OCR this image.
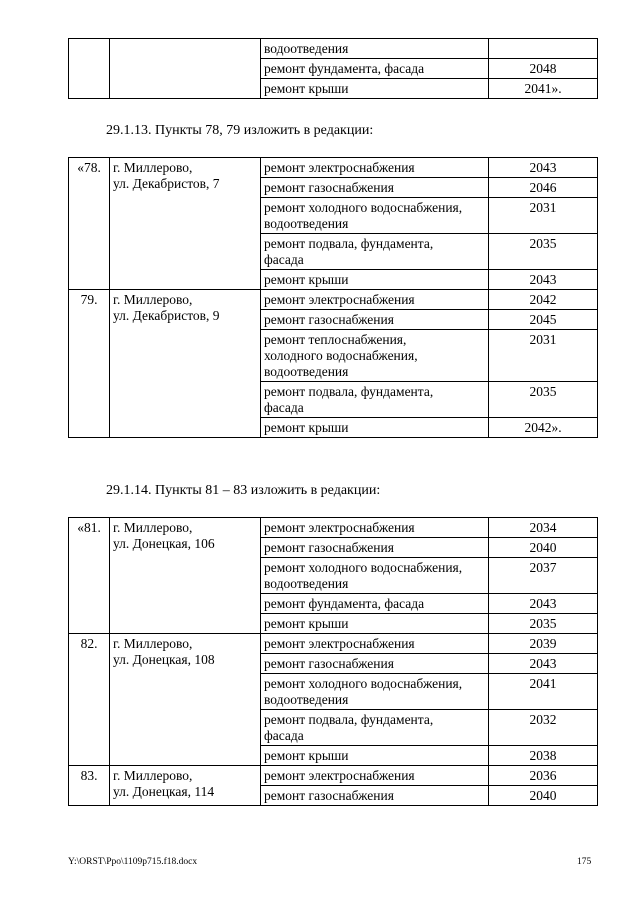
		водоотведения	
		ремонт фундамента, фасада	2048
		ремонт крыши	2041».
29.1.13. Пункты 78, 79 изложить в редакции:
«78.	г. Миллерово,
ул. Декабристов, 7	ремонт электроснабжения	2043

		ремонт газоснабжения	2046

		ремонт холодного водоснабжения,
водоотведения	2031

		ремонт подвала, фундамента,
фасада	2035

		ремонт крыши	2043
79.	г. Миллерово,
ул. Декабристов, 9	ремонт электроснабжения	2042

		ремонт газоснабжения	2045

		ремонт теплоснабжения,
холодного водоснабжения,
водоотведения	2031

		ремонт подвала, фундамента,
фасада	2035

		ремонт крыши	2042».
29.1.14. Пункты 81 – 83 изложить в редакции:
«81.	г. Миллерово,
ул. Донецкая, 106	ремонт электроснабжения	2034

		ремонт газоснабжения	2040

		ремонт холодного водоснабжения,
водоотведения	2037

		ремонт фундамента, фасада	2043

		ремонт крыши	2035
82.	г. Миллерово,
ул. Донецкая, 108	ремонт электроснабжения	2039

		ремонт газоснабжения	2043

		ремонт холодного водоснабжения,
водоотведения	2041

		ремонт подвала, фундамента,
фасада	2032

		ремонт крыши	2038
83.	г. Миллерово,
ул. Донецкая, 114	ремонт электроснабжения	2036

		ремонт газоснабжения	2040
Y:\ORST\Ppo\1109p715.f18.docx	175
